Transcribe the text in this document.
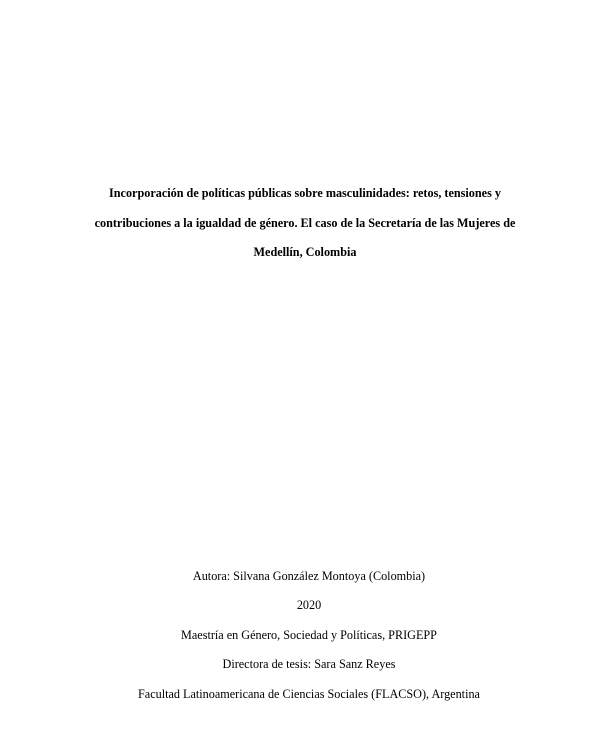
Incorporación de políticas públicas sobre masculinidades: retos, tensiones y
contribuciones a la igualdad de género. El caso de la Secretaría de las Mujeres de
Medellín, Colombia
Autora: Silvana González Montoya (Colombia)
2020
Maestría en Género, Sociedad y Políticas, PRIGEPP
Directora de tesis: Sara Sanz Reyes
Facultad Latinoamericana de Ciencias Sociales (FLACSO), Argentina
